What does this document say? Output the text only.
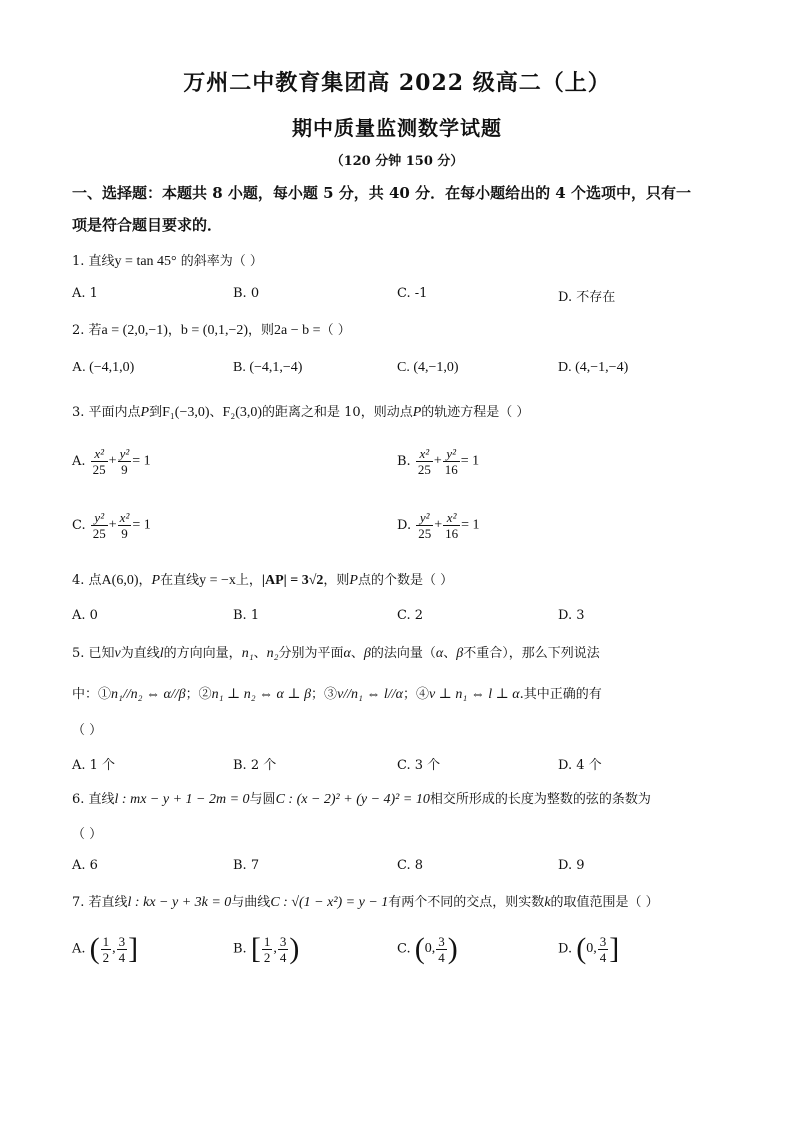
万州二中教育集团高 2022 级高二（上）
期中质量监测数学试题
（120 分钟 150 分）
一、选择题：本题共 8 小题，每小题 5 分，共 40 分．在每小题给出的 4 个选项中，只有一
项是符合题目要求的．
1. 直线y = tan 45° 的斜率为（ ）
A. 1	B. 0	C. -1	D. 不存在
2. 若a = (2,0,−1)，b = (0,1,−2)，则2a − b =（ ）
A. (−4,1,0)	B. (−4,1,−4)	C. (4,−1,0)	D. (4,−1,−4)
3. 平面内点P到F₁(−3,0)、F₂(3,0)的距离之和是 10，则动点P的轨迹方程是（ ）
A. $\frac{\text{x²}}{25} + \frac{\text{y²}}{9} = 1$	B. $\frac{\text{x²}}{25} + \frac{\text{y²}}{16} = 1$
C. $\frac{\text{y²}}{25} + \frac{\text{x²}}{9} = 1$	D. $\frac{\text{y²}}{25} + \frac{\text{x²}}{16} = 1$
4. 点A(6,0)，P在直线y = −x上，|AP| = 3√2，则P点的个数是（ ）
A. 0	B. 1	C. 2	D. 3
5. 已知v为直线l的方向向量，n₁、n₂分别为平面α、β的法向量（α、β不重合），那么下列说法
中：①n₁//n₂ ⇔ α//β；②n₁ ⊥ n₂ ⇔ α ⊥ β；③v//n₁ ⇔ l//α；④v ⊥ n₁ ⇔ l ⊥ α.其中正确的有
（ ）
A. 1 个	B. 2 个	C. 3 个	D. 4 个
6. 直线l : mx − y + 1 − 2m = 0与圆C : (x − 2)² + (y − 4)² = 10相交所形成的长度为整数的弦的条数为
（ ）
A. 6	B. 7	C. 8	D. 9
7. 若直线l : kx − y + 3k = 0与曲线C : √(1 − x²) = y − 1有两个不同的交点，则实数k的取值范围是（ ）
A. ( $\frac{1}{2}$ , $\frac{3}{4}$ ]	B. [ $\frac{1}{2}$ , $\frac{3}{4}$ )	C. (0, $\frac{3}{4}$ )	D. (0, $\frac{3}{4}$ ]
